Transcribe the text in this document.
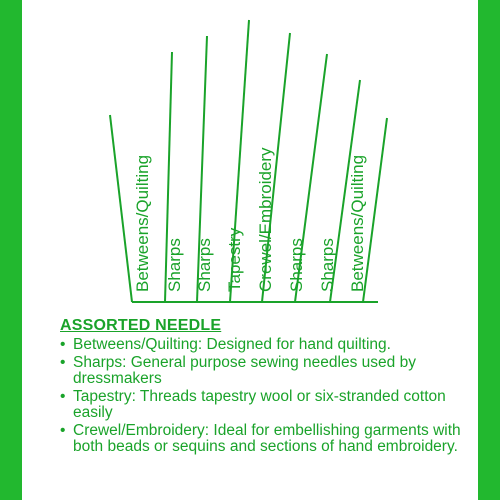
Betweens/Quilting Sharps Sharps Tapestry Crewel/Embroidery Sharps Sharps Betweens/Quilting
ASSORTED NEEDLE
• Betweens/Quilting: Designed for hand quilting.
• Sharps: General purpose sewing needles used by dressmakers
• Tapestry: Threads tapestry wool or six-stranded cotton easily
• Crewel/Embroidery: Ideal for embellishing garments with both beads or sequins and sections of hand embroidery.
